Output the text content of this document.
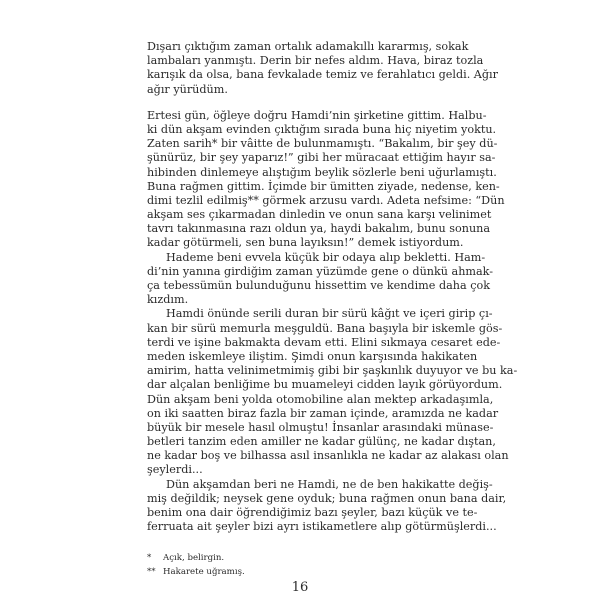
Dışarı çıktığım zaman ortalık adamakıllı kararmış, sokak
lambaları yanmıştı. Derin bir nefes aldım. Hava, biraz tozla
karışık da olsa, bana fevkalade temiz ve ferahlatıcı geldi. Ağır
ağır yürüdüm.
Ertesi gün, öğleye doğru Hamdi’nin şirketine gittim. Halbu-
ki dün akşam evinden çıktığım sırada buna hiç niyetim yoktu.
Zaten sarih* bir vâitte de bulunmamıştı. “Bakalım, bir şey dü-
şünürüz, bir şey yaparız!” gibi her müracaat ettiğim hayır sa-
hibinden dinlemeye alıştığım beylik sözlerle beni uğurlamıştı.
Buna rağmen gittim. İçimde bir ümitten ziyade, nedense, ken-
dimi tezlil edilmiş** görmek arzusu vardı. Adeta nefsime: “Dün
akşam ses çıkarmadan dinledin ve onun sana karşı velinimet
tavrı takınmasına razı oldun ya, haydi bakalım, bunu sonuna
kadar götürmeli, sen buna layıksın!” demek istiyordum.
Hademe beni evvela küçük bir odaya alıp bekletti. Ham-
di’nin yanına girdiğim zaman yüzümde gene o dünkü ahmak-
ça tebessümün bulunduğunu hissettim ve kendime daha çok
kızdım.
Hamdi önünde serili duran bir sürü kâğıt ve içeri girip çı-
kan bir sürü memurla meşguldü. Bana başıyla bir iskemle gös-
terdi ve işine bakmakta devam etti. Elini sıkmaya cesaret ede-
meden iskemleye iliştim. Şimdi onun karşısında hakikaten
amirim, hatta velinimetmimiş gibi bir şaşkınlık duyuyor ve bu ka-
dar alçalan benliğime bu muameleyi cidden layık görüyordum.
Dün akşam beni yolda otomobiline alan mektep arkadaşımla,
on iki saatten biraz fazla bir zaman içinde, aramızda ne kadar
büyük bir mesele hasıl olmuştu! İnsanlar arasındaki münase-
betleri tanzim eden amiller ne kadar gülünç, ne kadar dıştan,
ne kadar boş ve bilhassa asıl insanlıkla ne kadar az alakası olan
şeylerdi...
Dün akşamdan beri ne Hamdi, ne de ben hakikatte değiş-
miş değildik; neysek gene oyduk; buna rağmen onun bana dair,
benim ona dair öğrendiğimiz bazı şeyler, bazı küçük ve te-
ferruata ait şeyler bizi ayrı istikametlere alıp götürmüşlerdi...
* Açık, belirgin.
** Hakarete uğramış.
16
